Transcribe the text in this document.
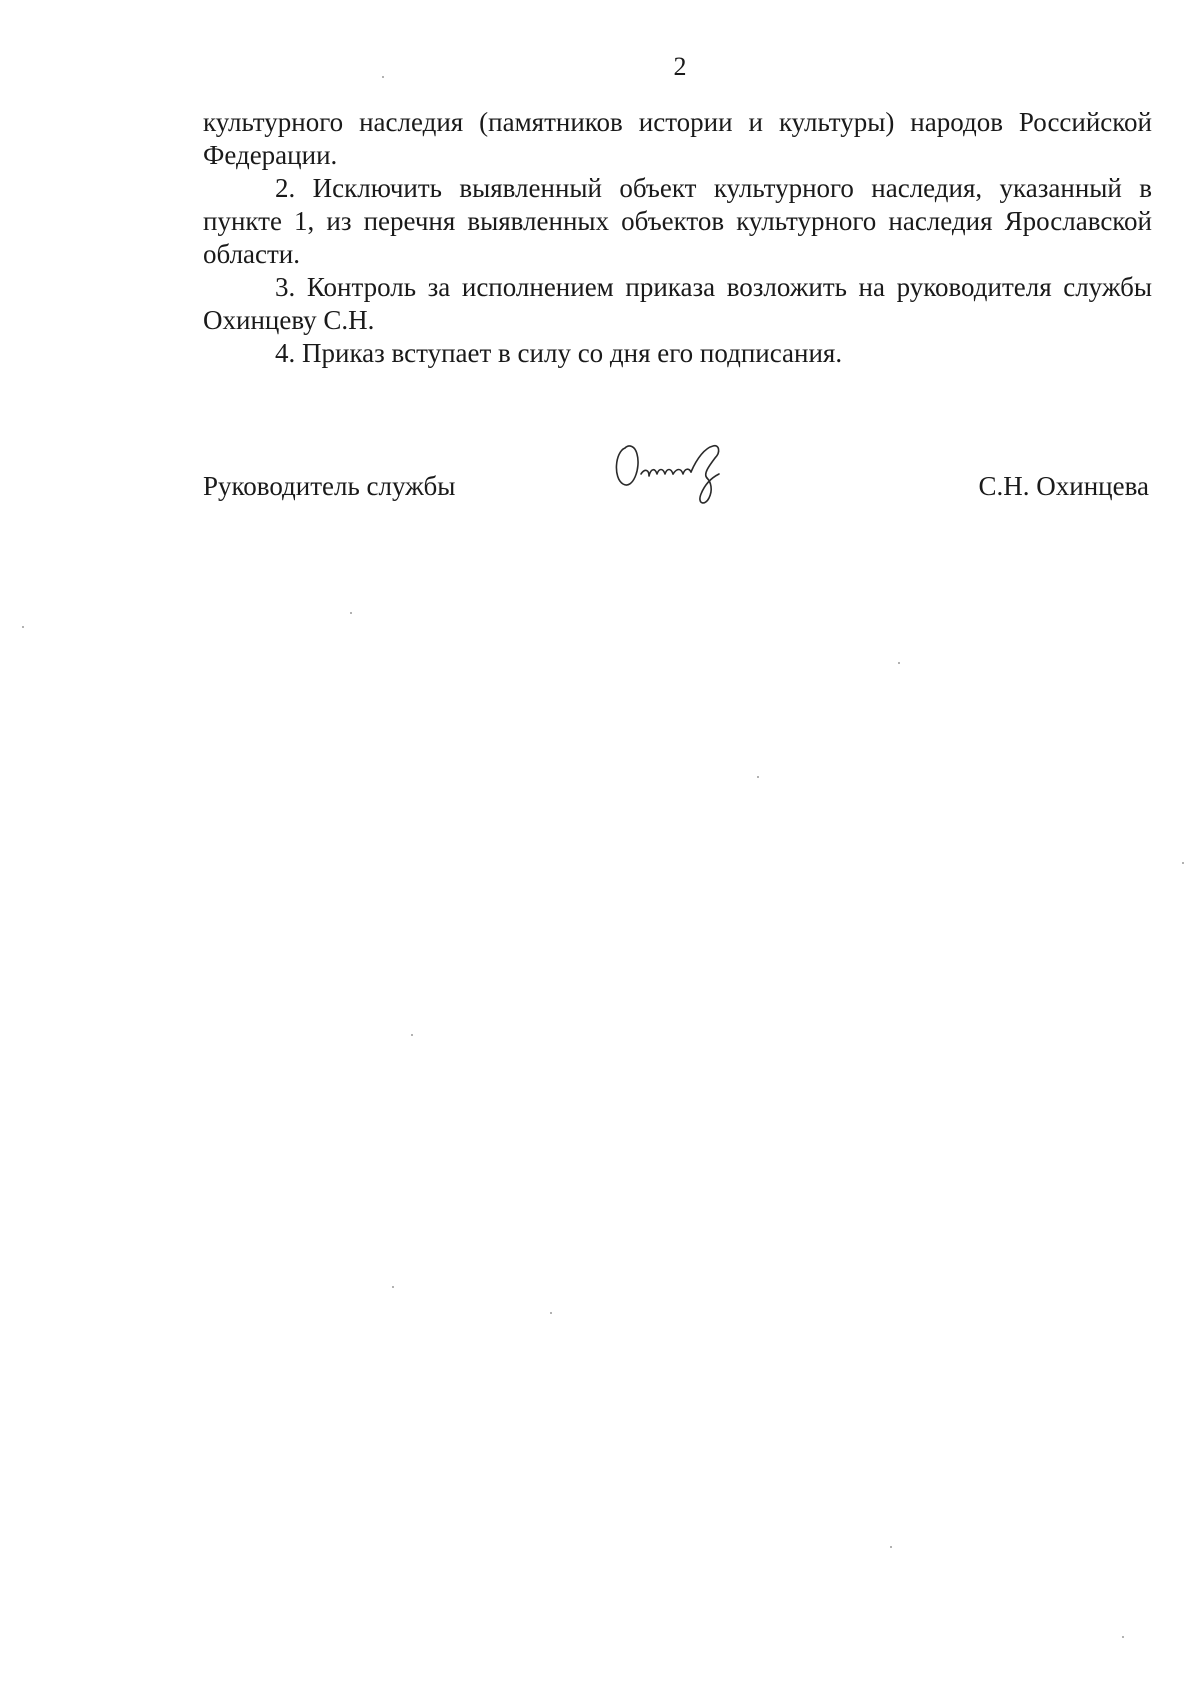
2

культурного наследия (памятников истории и культуры) народов Российской Федерации.

2. Исключить выявленный объект культурного наследия, указанный в пункте 1, из перечня выявленных объектов культурного наследия Ярославской области.

3. Контроль за исполнением приказа возложить на руководителя службы Охинцеву С.Н.

4. Приказ вступает в силу со дня его подписания.

Руководитель службы	С.Н. Охинцева
